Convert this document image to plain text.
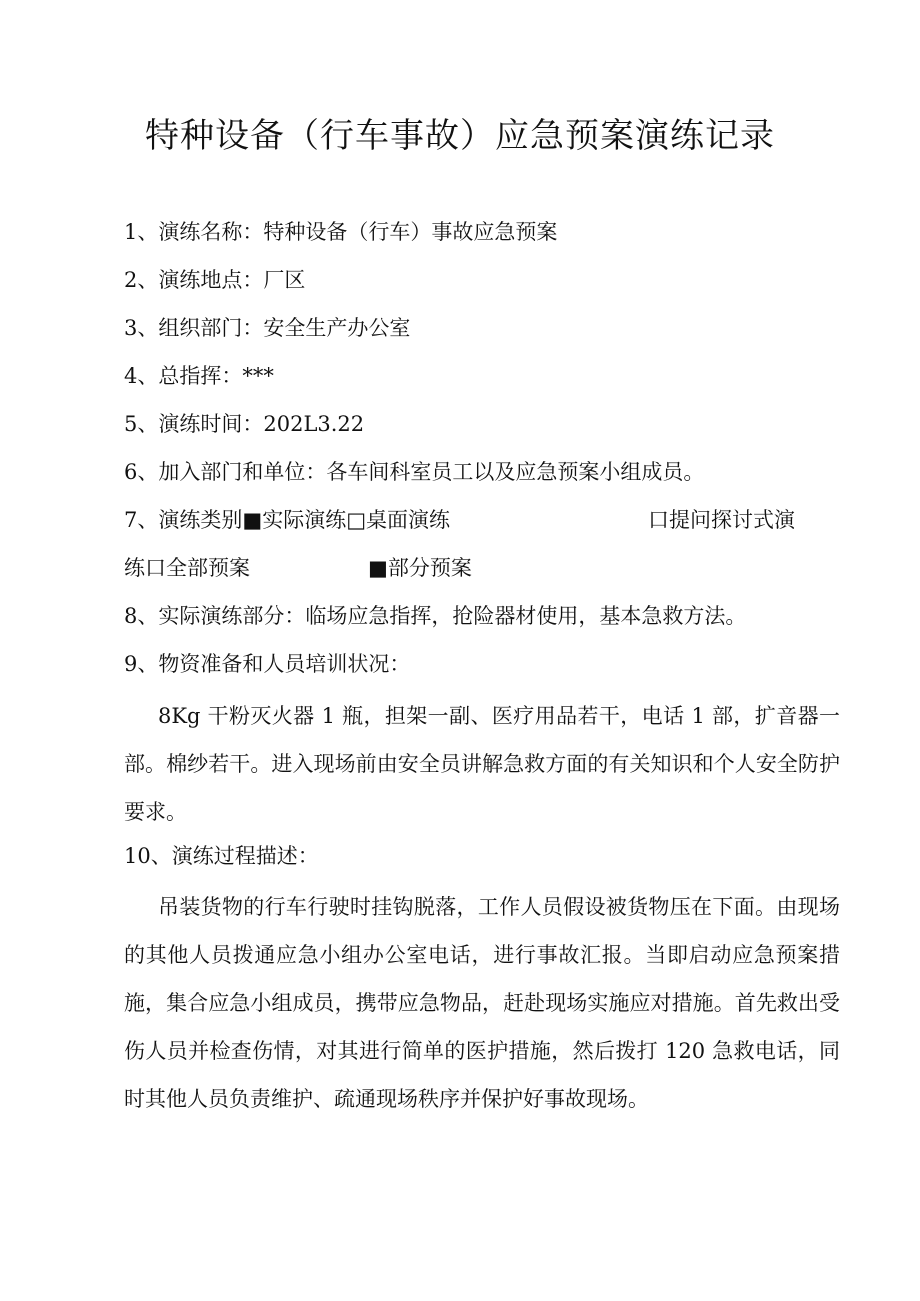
特种设备（行车事故）应急预案演练记录
1、演练名称：特种设备（行车）事故应急预案
2、演练地点：厂区
3、组织部门：安全生产办公室
4、总指挥：***
5、演练时间：202L3.22
6、加入部门和单位：各车间科室员工以及应急预案小组成员。
7、演练类别■实际演练□桌面演练	口提问探讨式演
练口全部预案	■部分预案
8、实际演练部分：临场应急指挥，抢险器材使用，基本急救方法。
9、物资准备和人员培训状况：
8Kg 干粉灭火器 1 瓶，担架一副、医疗用品若干，电话 1 部，扩音器一部。棉纱若干。进入现场前由安全员讲解急救方面的有关知识和个人安全防护要求。
10、演练过程描述：
吊装货物的行车行驶时挂钩脱落，工作人员假设被货物压在下面。由现场的其他人员拨通应急小组办公室电话，进行事故汇报。当即启动应急预案措施，集合应急小组成员，携带应急物品，赶赴现场实施应对措施。首先救出受伤人员并检查伤情，对其进行简单的医护措施，然后拨打 120 急救电话，同时其他人员负责维护、疏通现场秩序并保护好事故现场。
